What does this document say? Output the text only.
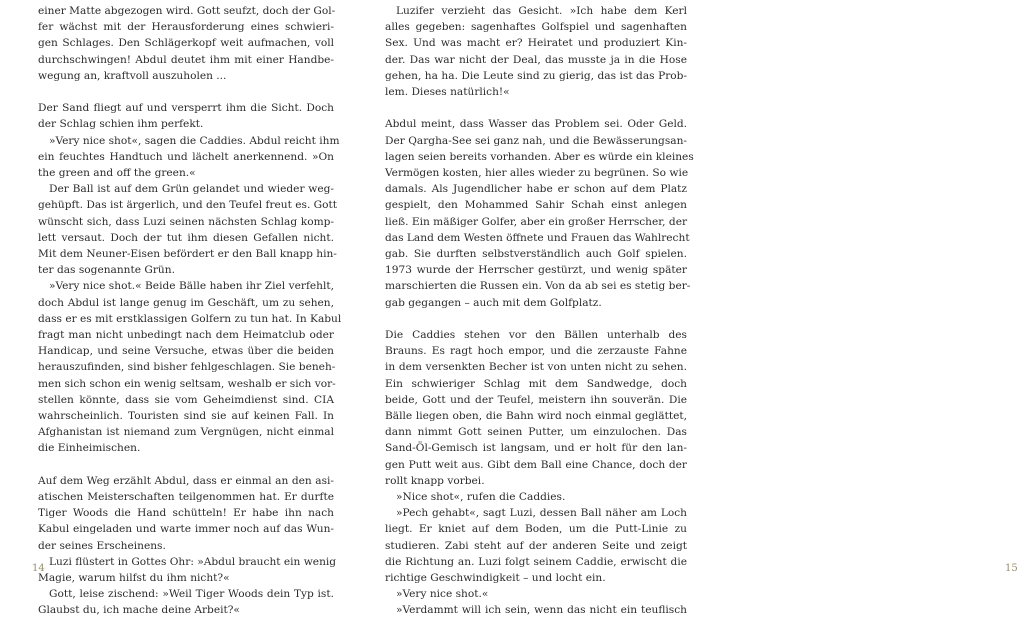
einer Matte abgezogen wird. Gott seufzt, doch der Gol-
fer wächst mit der Herausforderung eines schwieri-
gen Schlages. Den Schlägerkopf weit aufmachen, voll
durchschwingen! Abdul deutet ihm mit einer Handbe-
wegung an, kraftvoll auszuholen ...
Der Sand fliegt auf und versperrt ihm die Sicht. Doch
der Schlag schien ihm perfekt.
»Very nice shot«, sagen die Caddies. Abdul reicht ihm
ein feuchtes Handtuch und lächelt anerkennend. »On
the green and off the green.«
Der Ball ist auf dem Grün gelandet und wieder weg-
gehüpft. Das ist ärgerlich, und den Teufel freut es. Gott
wünscht sich, dass Luzi seinen nächsten Schlag komp-
lett versaut. Doch der tut ihm diesen Gefallen nicht.
Mit dem Neuner-Eisen befördert er den Ball knapp hin-
ter das sogenannte Grün.
»Very nice shot.« Beide Bälle haben ihr Ziel verfehlt,
doch Abdul ist lange genug im Geschäft, um zu sehen,
dass er es mit erstklassigen Golfern zu tun hat. In Kabul
fragt man nicht unbedingt nach dem Heimatclub oder
Handicap, und seine Versuche, etwas über die beiden
herauszufinden, sind bisher fehlgeschlagen. Sie beneh-
men sich schon ein wenig seltsam, weshalb er sich vor-
stellen könnte, dass sie vom Geheimdienst sind. CIA
wahrscheinlich. Touristen sind sie auf keinen Fall. In
Afghanistan ist niemand zum Vergnügen, nicht einmal
die Einheimischen.
Auf dem Weg erzählt Abdul, dass er einmal an den asi-
atischen Meisterschaften teilgenommen hat. Er durfte
Tiger Woods die Hand schütteln! Er habe ihn nach
Kabul eingeladen und warte immer noch auf das Wun-
der seines Erscheinens.
Luzi flüstert in Gottes Ohr: »Abdul braucht ein wenig
Magie, warum hilfst du ihm nicht?«
Gott, leise zischend: »Weil Tiger Woods dein Typ ist.
Glaubst du, ich mache deine Arbeit?«
14
Luzifer verzieht das Gesicht. »Ich habe dem Kerl
alles gegeben: sagenhaftes Golfspiel und sagenhaften
Sex. Und was macht er? Heiratet und produziert Kin-
der. Das war nicht der Deal, das musste ja in die Hose
gehen, ha ha. Die Leute sind zu gierig, das ist das Prob-
lem. Dieses natürlich!«
Abdul meint, dass Wasser das Problem sei. Oder Geld.
Der Qargha-See sei ganz nah, und die Bewässerungsan-
lagen seien bereits vorhanden. Aber es würde ein kleines
Vermögen kosten, hier alles wieder zu begrünen. So wie
damals. Als Jugendlicher habe er schon auf dem Platz
gespielt, den Mohammed Sahir Schah einst anlegen
ließ. Ein mäßiger Golfer, aber ein großer Herrscher, der
das Land dem Westen öffnete und Frauen das Wahlrecht
gab. Sie durften selbstverständlich auch Golf spielen.
1973 wurde der Herrscher gestürzt, und wenig später
marschierten die Russen ein. Von da ab sei es stetig ber-
gab gegangen – auch mit dem Golfplatz.
Die Caddies stehen vor den Bällen unterhalb des
Brauns. Es ragt hoch empor, und die zerzauste Fahne
in dem versenkten Becher ist von unten nicht zu sehen.
Ein schwieriger Schlag mit dem Sandwedge, doch
beide, Gott und der Teufel, meistern ihn souverän. Die
Bälle liegen oben, die Bahn wird noch einmal geglättet,
dann nimmt Gott seinen Putter, um einzulochen. Das
Sand-Öl-Gemisch ist langsam, und er holt für den lan-
gen Putt weit aus. Gibt dem Ball eine Chance, doch der
rollt knapp vorbei.
»Nice shot«, rufen die Caddies.
»Pech gehabt«, sagt Luzi, dessen Ball näher am Loch
liegt. Er kniet auf dem Boden, um die Putt-Linie zu
studieren. Zabi steht auf der anderen Seite und zeigt
die Richtung an. Luzi folgt seinem Caddie, erwischt die
richtige Geschwindigkeit – und locht ein.
»Very nice shot.«
»Verdammt will ich sein, wenn das nicht ein teuflisch
15
